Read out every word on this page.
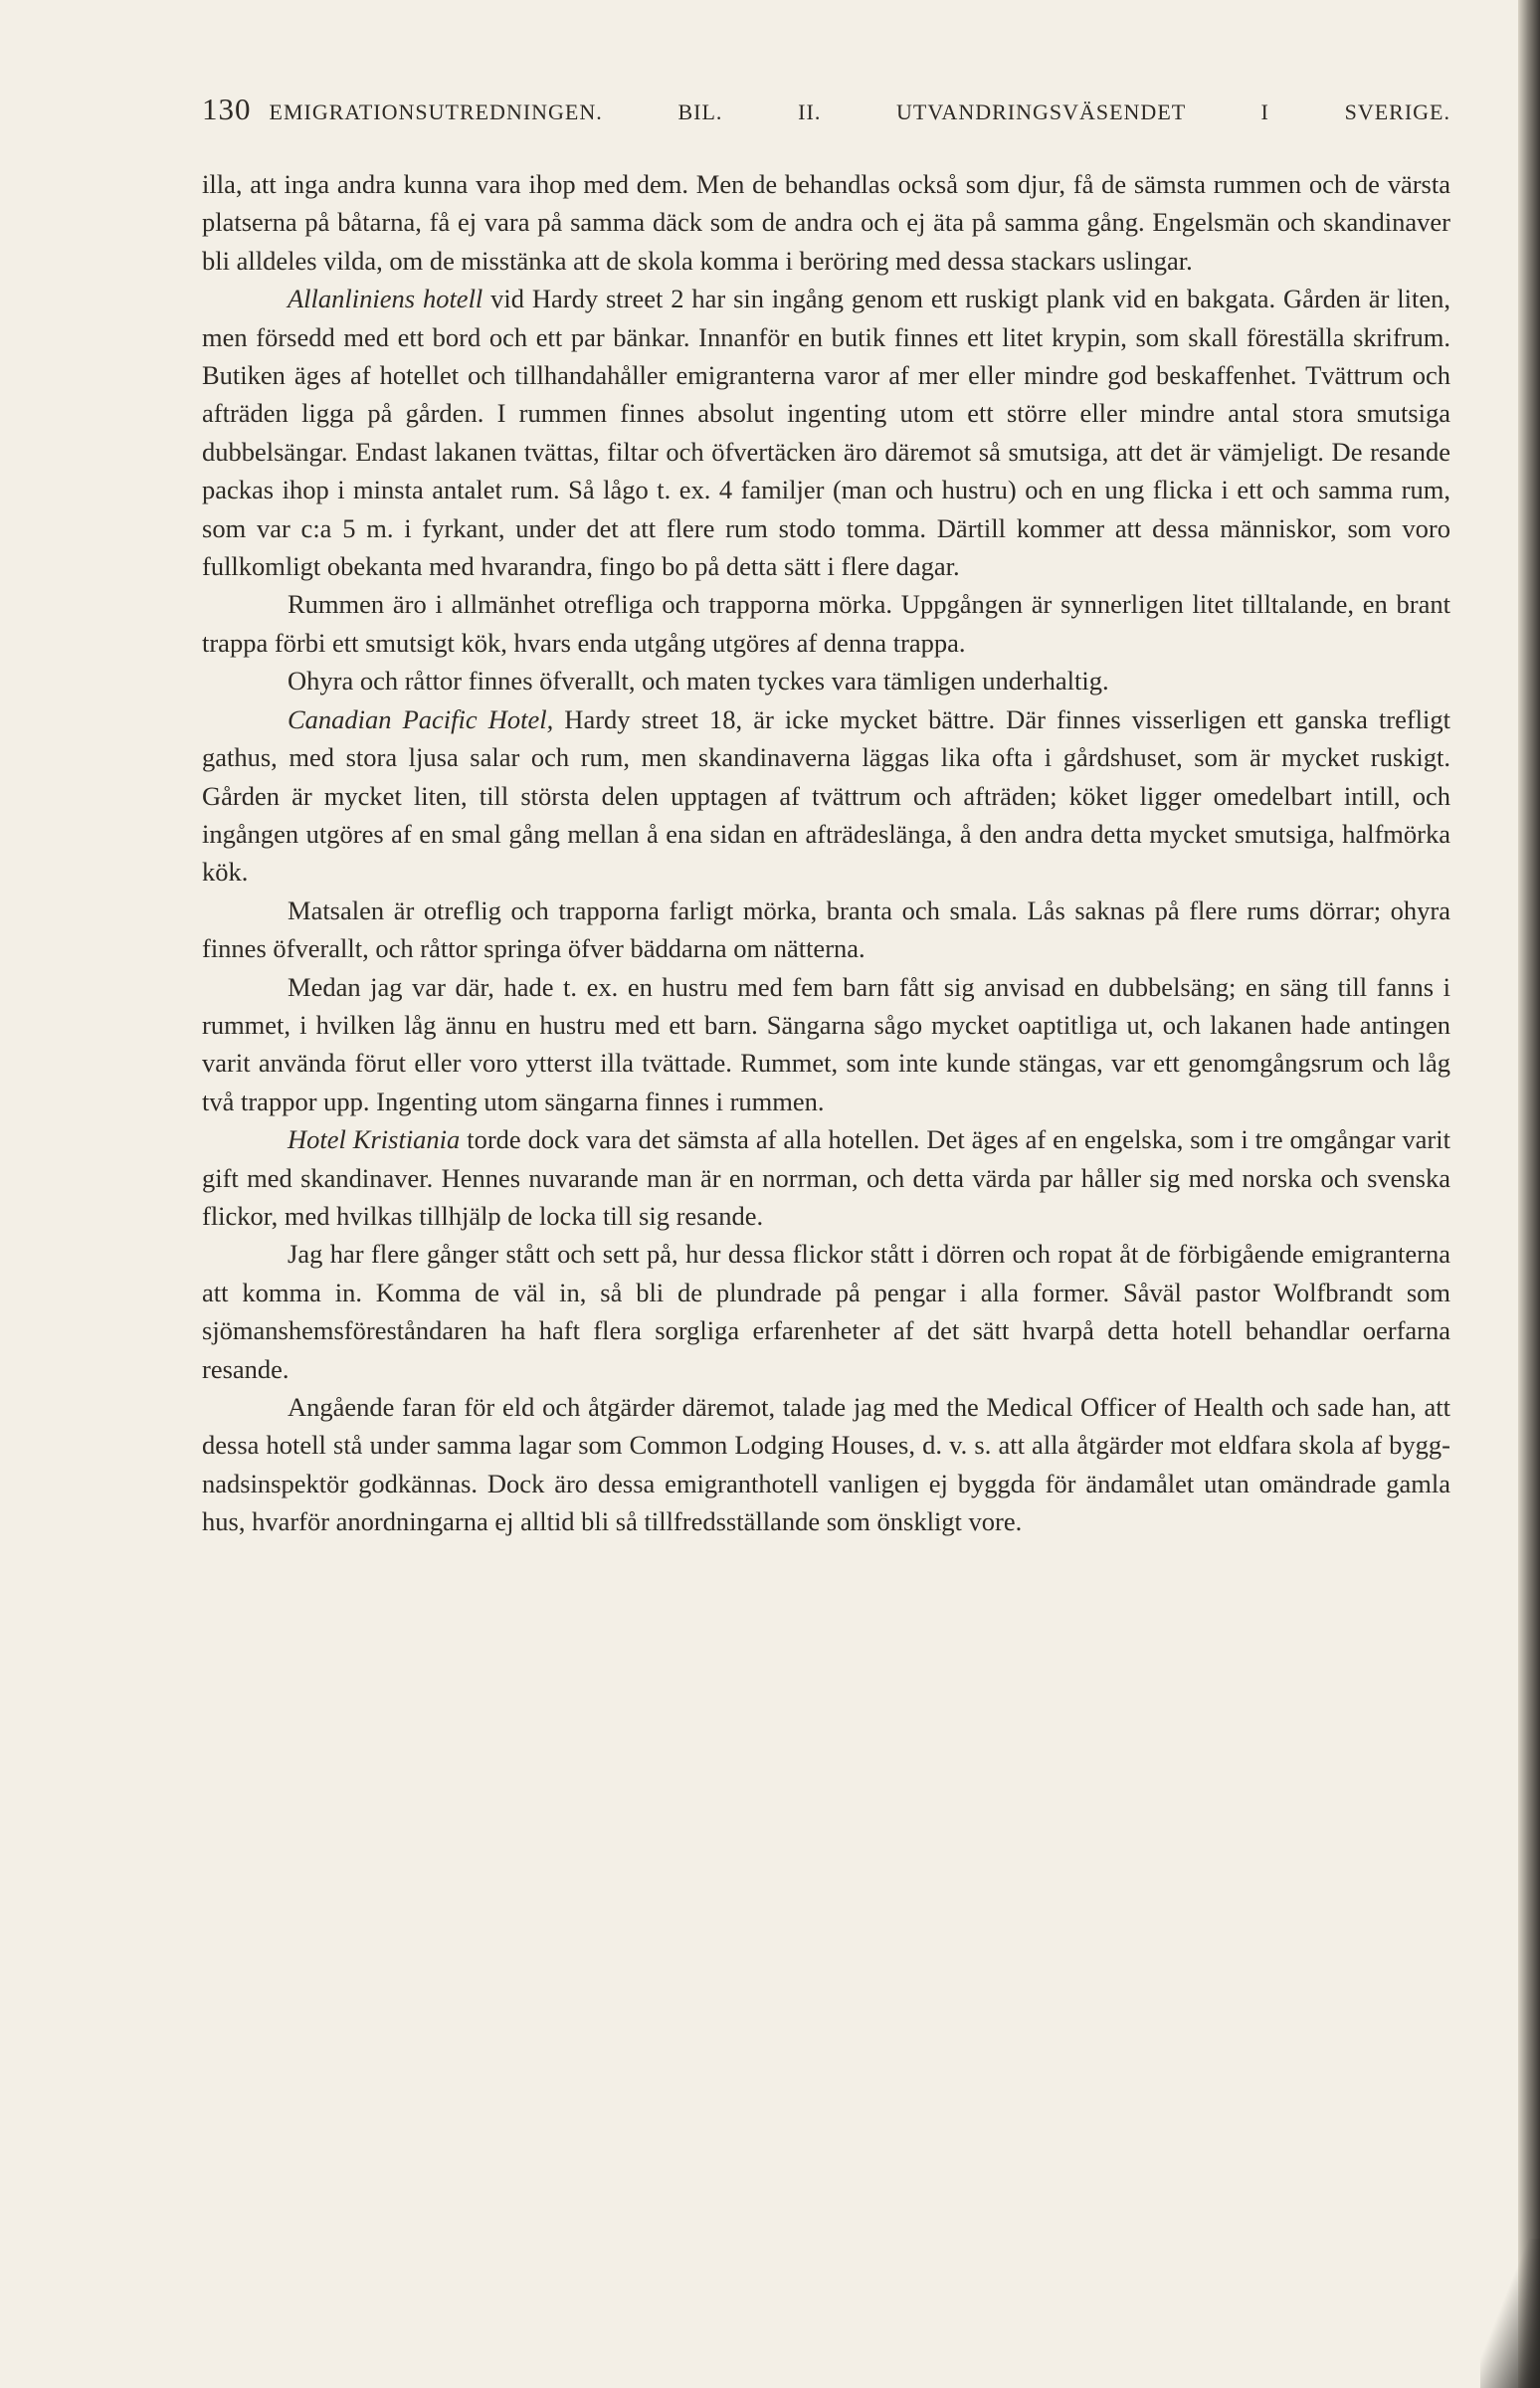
130 EMIGRATIONSUTREDNINGEN. BIL. II. UTVANDRINGSVÄSENDET I SVERIGE.

illa, att inga andra kunna vara ihop med dem. Men de behandlas också som djur, få de sämsta rummen och de värsta platserna på båtarna, få ej vara på samma däck som de andra och ej äta på samma gång. Engelsmän och skandinaver bli alldeles vilda, om de misstänka att de skola komma i beröring med dessa stackars uslingar.

Allanliniens hotell vid Hardy street 2 har sin ingång genom ett ruskigt plank vid en bakgata. Gården är liten, men försedd med ett bord och ett par bänkar. Innanför en butik finnes ett litet krypin, som skall föreställa skrifrum. Butiken äges af hotellet och tillhandahåller emigranterna varor af mer eller mindre god beskaffenhet. Tvättrum och afträden ligga på gården. I rummen finnes absolut ingenting utom ett större eller mindre antal stora smutsiga dubbelsängar. Endast lakanen tvättas, filtar och öfvertäcken äro däremot så smutsiga, att det är vämjeligt. De resande packas ihop i minsta antalet rum. Så lågo t. ex. 4 familjer (man och hustru) och en ung flicka i ett och samma rum, som var c:a 5 m. i fyrkant, under det att flere rum stodo tomma. Därtill kommer att dessa människor, som voro fullkomligt obekanta med hvarandra, fingo bo på detta sätt i flere dagar.

Rummen äro i allmänhet otrefliga och trapporna mörka. Uppgången är synnerligen litet tilltalande, en brant trappa förbi ett smutsigt kök, hvars enda utgång utgöres af denna trappa.

Ohyra och råttor finnes öfverallt, och maten tyckes vara tämligen underhaltig.

Canadian Pacific Hotel, Hardy street 18, är icke mycket bättre. Där finnes visserligen ett ganska trefligt gathus, med stora ljusa salar och rum, men skandinaverna läggas lika ofta i gårdshuset, som är mycket ruskigt. Gården är mycket liten, till största delen upptagen af tvättrum och afträden; köket ligger omedelbart intill, och ingången utgöres af en smal gång mellan å ena sidan en afträdeslänga, å den andra detta mycket smutsiga, halfmörka kök.

Matsalen är otreflig och trapporna farligt mörka, branta och smala. Lås saknas på flere rums dörrar; ohyra finnes öfverallt, och råttor springa öfver bäddarna om nätterna.

Medan jag var där, hade t. ex. en hustru med fem barn fått sig anvisad en dubbelsäng; en säng till fanns i rummet, i hvilken låg ännu en hustru med ett barn. Sängarna sågo mycket oaptitliga ut, och lakanen hade antingen varit använda förut eller voro ytterst illa tvättade. Rummet, som inte kunde stängas, var ett genomgångsrum och låg två trappor upp. Ingenting utom sängarna finnes i rummen.

Hotel Kristiania torde dock vara det sämsta af alla hotellen. Det äges af en engelska, som i tre omgångar varit gift med skandinaver. Hennes nuvarande man är en norrman, och detta värda par håller sig med norska och svenska flickor, med hvilkas tillhjälp de locka till sig resande.

Jag har flere gånger stått och sett på, hur dessa flickor stått i dörren och ropat åt de förbigående emigranterna att komma in. Komma de väl in, så bli de plundrade på pengar i alla former. Såväl pastor Wolfbrandt som sjömanshemsföreståndaren ha haft flera sorgliga erfarenheter af det sätt hvarpå detta hotell behandlar oerfarna resande.

Angående faran för eld och åtgärder däremot, talade jag med the Medical Officer of Health och sade han, att dessa hotell stå under samma lagar som Common Lodging Houses, d. v. s. att alla åtgärder mot eldfara skola af byggnadsinspektör godkännas. Dock äro dessa emigranthotell vanligen ej byggda för ändamålet utan omändrade gamla hus, hvarför anordningarna ej alltid bli så tillfredsställande som önskligt vore.
